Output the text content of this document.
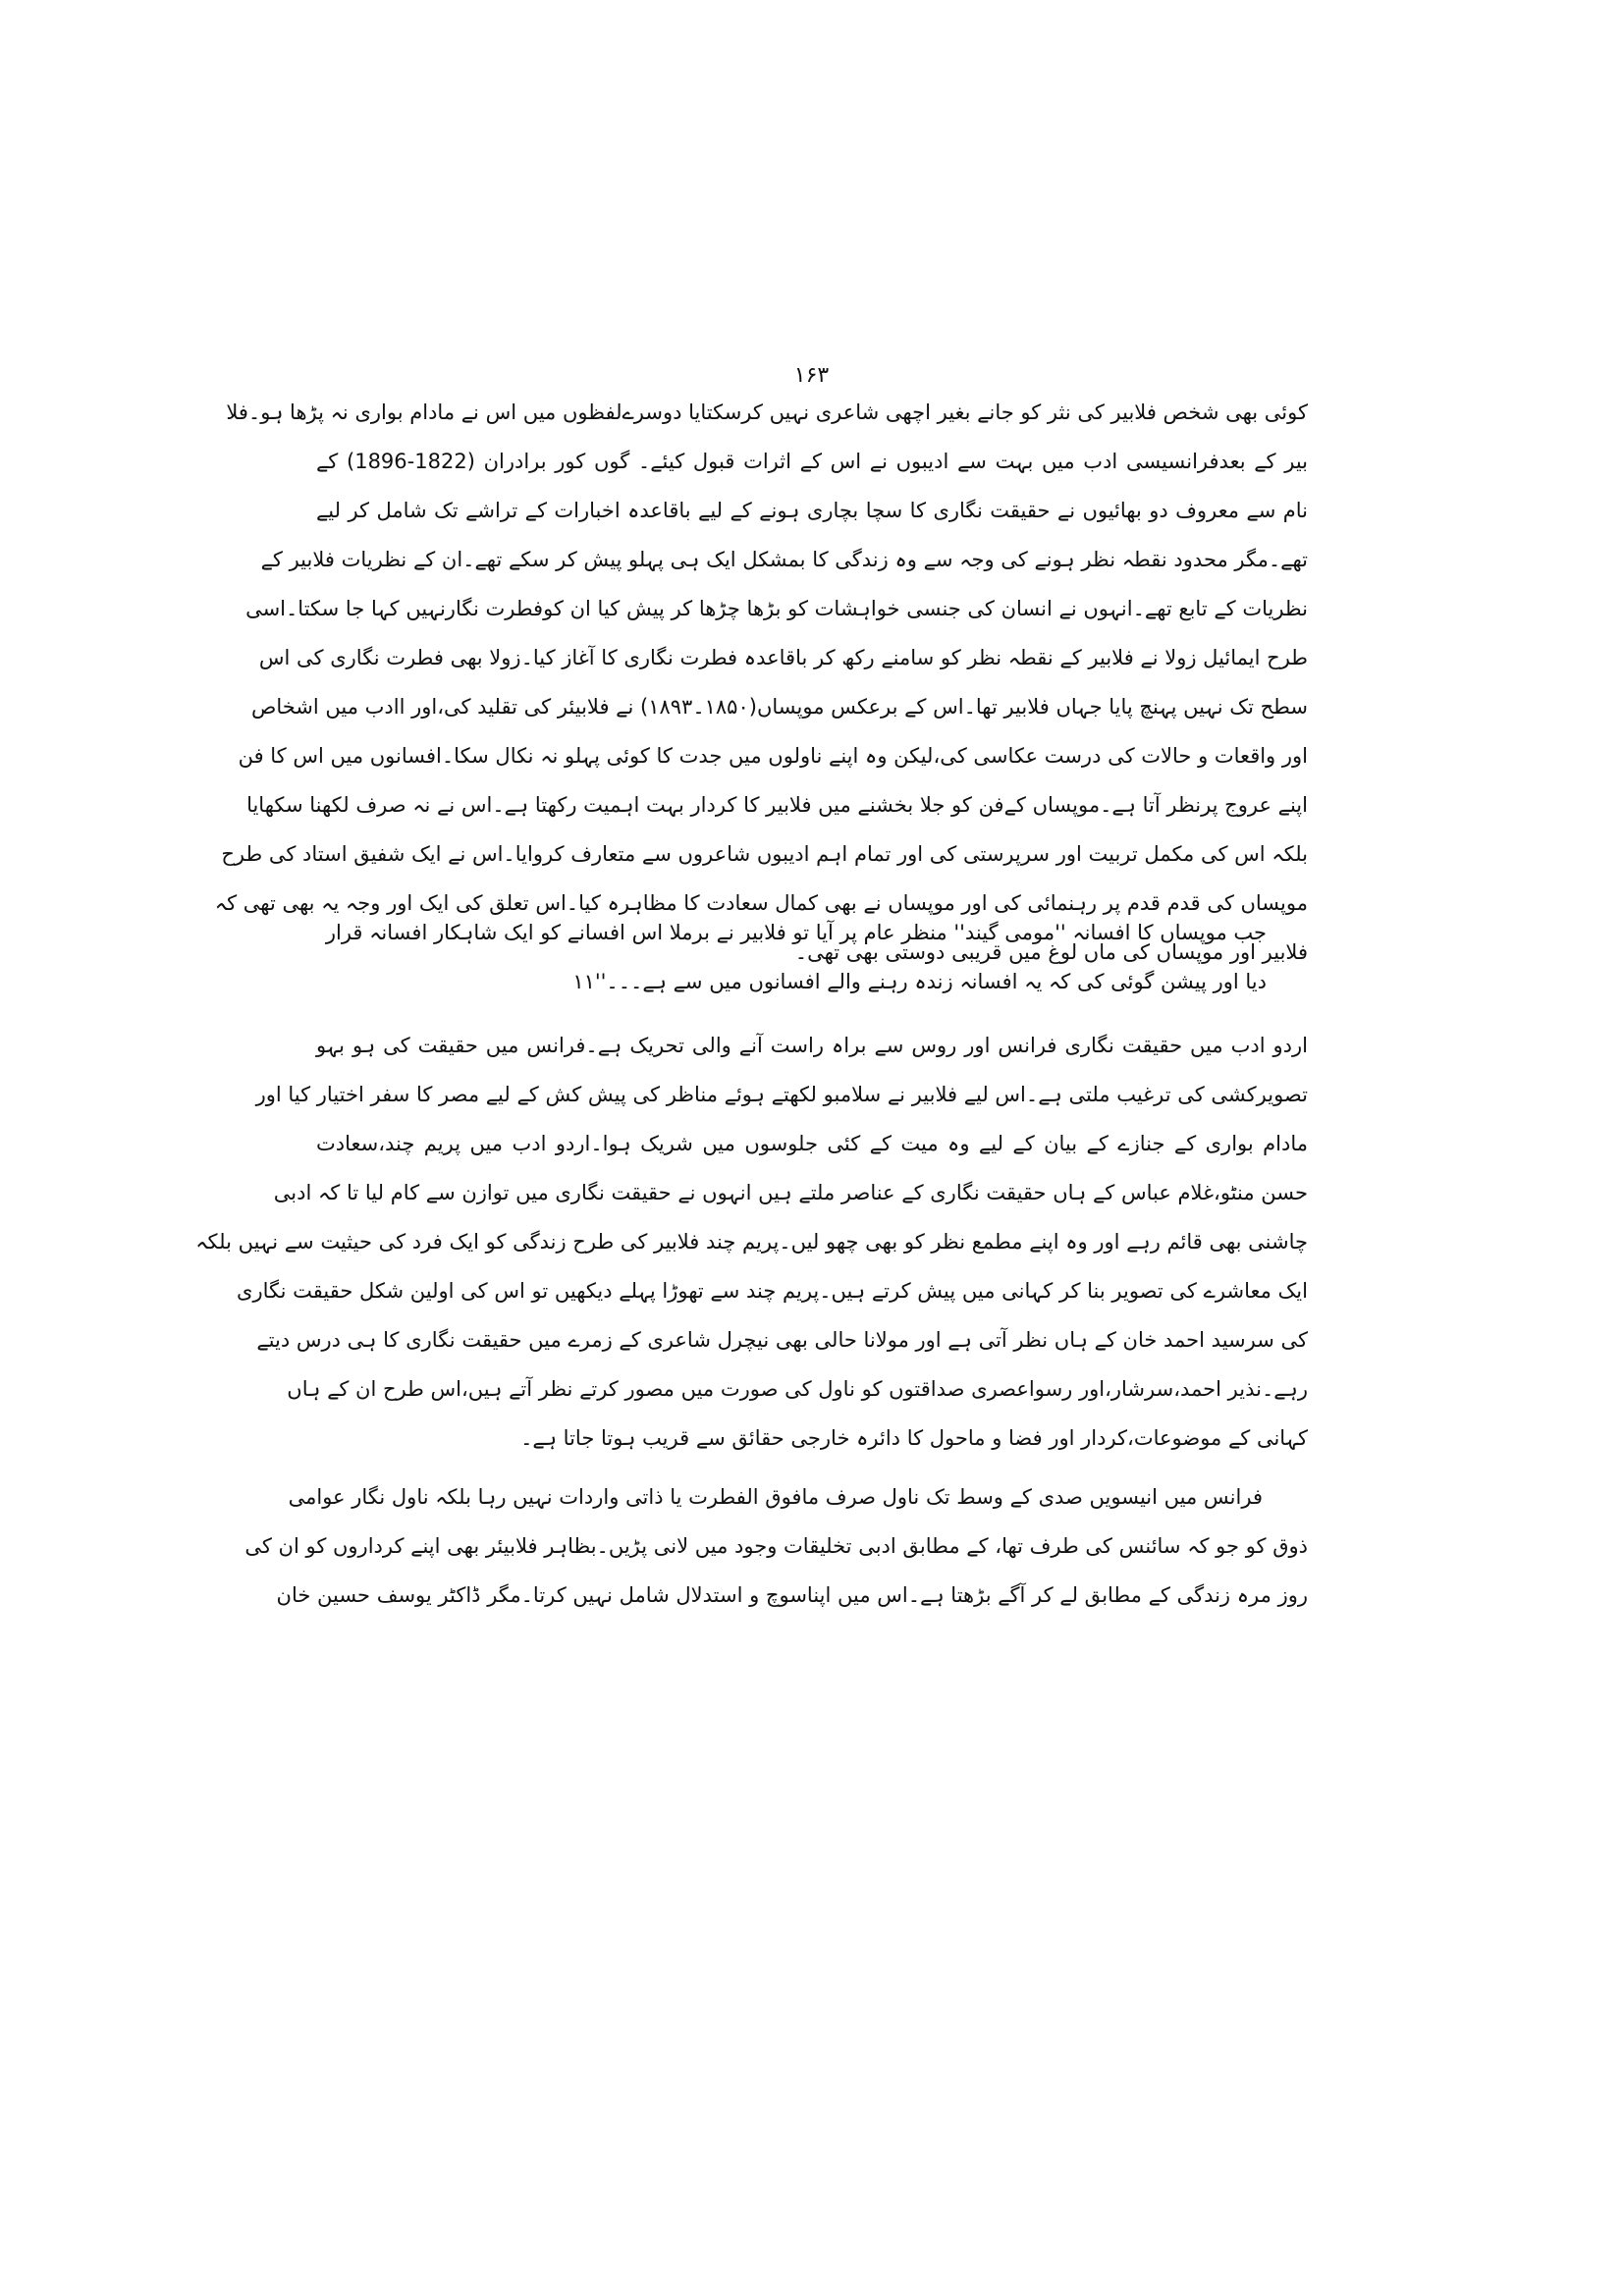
۱۶۳
کوئی بھی شخص فلابیر کی نثر کو جانے بغیر اچھی شاعری نہیں کرسکتایا دوسرےلفظوں میں اس نے مادام بواری نہ پڑھا ہو۔فلا
بیر کے بعدفرانسیسی ادب میں بہت سے ادیبوں نے اس کے اثرات قبول کیئے۔ گوں کور برادران (1822-1896) کے
نام سے معروف دو بھائیوں نے حقیقت نگاری کا سچا بچاری ہونے کے لیے باقاعدہ اخبارات کے تراشے تک شامل کر لیے
تھے۔مگر محدود نقطہ نظر ہونے کی وجہ سے وہ زندگی کا بمشکل ایک ہی پہلو پیش کر سکے تھے۔ان کے نظریات فلابیر کے
نظریات کے تابع تھے۔انہوں نے انسان کی جنسی خواہشات کو بڑھا چڑھا کر پیش کیا ان کوفطرت نگارنہیں کہا جا سکتا۔اسی
طرح ایمائیل زولا نے فلابیر کے نقطہ نظر کو سامنے رکھ کر باقاعدہ فطرت نگاری کا آغاز کیا۔زولا بھی فطرت نگاری کی اس
سطح تک نہیں پہنچ پایا جہاں فلابیر تھا۔اس کے برعکس موپساں(۱۸۵۰۔۱۸۹۳) نے فلابیئر کی تقلید کی،اور اادب میں اشخاص
اور واقعات و حالات کی درست عکاسی کی،لیکن وہ اپنے ناولوں میں جدت کا کوئی پہلو نہ نکال سکا۔افسانوں میں اس کا فن
اپنے عروج پرنظر آتا ہے۔موپساں کےفن کو جلا بخشنے میں فلابیر کا کردار بہت اہمیت رکھتا ہے۔اس نے نہ صرف لکھنا سکھایا
بلکہ اس کی مکمل تربیت اور سرپرستی کی اور تمام اہم ادیبوں شاعروں سے متعارف کروایا۔اس نے ایک شفیق استاد کی طرح
موپساں کی قدم قدم پر رہنمائی کی اور موپساں نے بھی کمال سعادت کا مظاہرہ کیا۔اس تعلق کی ایک اور وجہ یہ بھی تھی کہ
فلابیر اور موپساں کی ماں لوغ میں قریبی دوستی بھی تھی۔
جب موپساں کا افسانہ ''مومی گیند'' منظر عام پر آیا تو فلابیر نے برملا اس افسانے کو ایک شاہکار افسانہ قرار
دیا اور پیشن گوئی کی کہ یہ افسانہ زندہ رہنے والے افسانوں میں سے ہے۔۔۔''۱۱
اردو ادب میں حقیقت نگاری فرانس اور روس سے براہ راست آنے والی تحریک ہے۔فرانس میں حقیقت کی ہو بہو
تصویرکشی کی ترغیب ملتی ہے۔اس لیے فلابیر نے سلامبو لکھتے ہوئے مناظر کی پیش کش کے لیے مصر کا سفر اختیار کیا اور
مادام بواری کے جنازے کے بیان کے لیے وہ میت کے کئی جلوسوں میں شریک ہوا۔اردو ادب میں پریم چند،سعادت
حسن منٹو،غلام عباس کے ہاں حقیقت نگاری کے عناصر ملتے ہیں انہوں نے حقیقت نگاری میں توازن سے کام لیا تا کہ ادبی
چاشنی بھی قائم رہے اور وہ اپنے مطمع نظر کو بھی چھو لیں۔پریم چند فلابیر کی طرح زندگی کو ایک فرد کی حیثیت سے نہیں بلکہ
ایک معاشرے کی تصویر بنا کر کہانی میں پیش کرتے ہیں۔پریم چند سے تھوڑا پہلے دیکھیں تو اس کی اولین شکل حقیقت نگاری
کی سرسید احمد خان کے ہاں نظر آتی ہے اور مولانا حالی بھی نیچرل شاعری کے زمرے میں حقیقت نگاری کا ہی درس دیتے
رہے۔نذیر احمد،سرشار،اور رسواعصری صداقتوں کو ناول کی صورت میں مصور کرتے نظر آتے ہیں،اس طرح ان کے ہاں
کہانی کے موضوعات،کردار اور فضا و ماحول کا دائرہ خارجی حقائق سے قریب ہوتا جاتا ہے۔
فرانس میں انیسویں صدی کے وسط تک ناول صرف مافوق الفطرت یا ذاتی واردات نہیں رہا بلکہ ناول نگار عوامی
ذوق کو جو کہ سائنس کی طرف تھا، کے مطابق ادبی تخلیقات وجود میں لانی پڑیں۔بظاہر فلابیئر بھی اپنے کرداروں کو ان کی
روز مرہ زندگی کے مطابق لے کر آگے بڑھتا ہے۔اس میں اپناسوچ و استدلال شامل نہیں کرتا۔مگر ڈاکٹر یوسف حسین خان
